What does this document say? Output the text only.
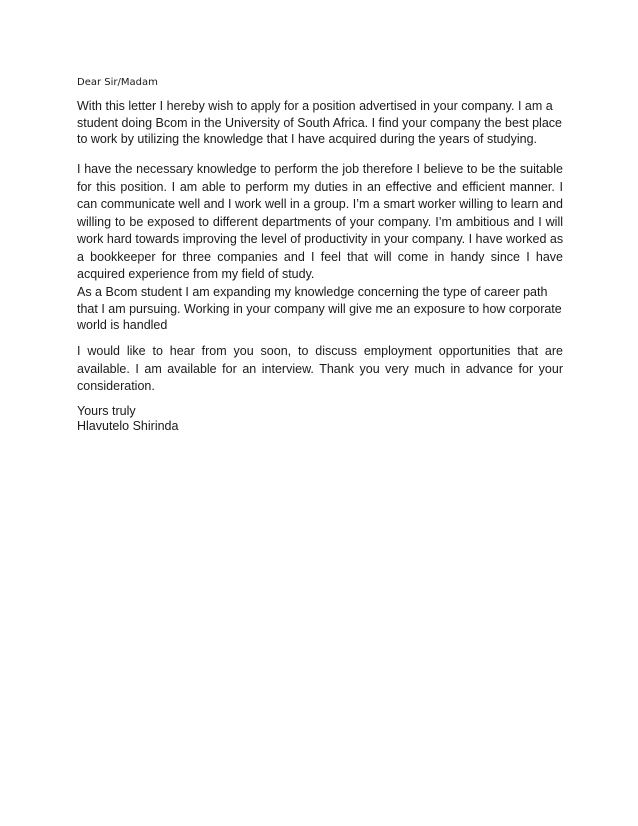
Dear Sir/Madam
With this letter I hereby wish to apply for a position advertised in your company. I am a
student doing Bcom in the University of South Africa. I find your company the best place
to work by utilizing the knowledge that I have acquired during the years of studying.
I have the necessary knowledge to perform the job therefore I believe to be the suitable
for this position. I am able to perform my duties in an effective and efficient manner. I
can communicate well and I work well in a group. I’m a smart worker willing to learn and
willing to be exposed to different departments of your company. I’m ambitious and I will
work hard towards improving the level of productivity in your company. I have worked as
a bookkeeper for three companies and I feel that will come in handy since I have
acquired experience from my field of study.
As a Bcom student I am expanding my knowledge concerning the type of career path
that I am pursuing. Working in your company will give me an exposure to how corporate
world is handled
I would like to hear from you soon, to discuss employment opportunities that are
available. I am available for an interview. Thank you very much in advance for your
consideration.
Yours truly
Hlavutelo Shirinda
